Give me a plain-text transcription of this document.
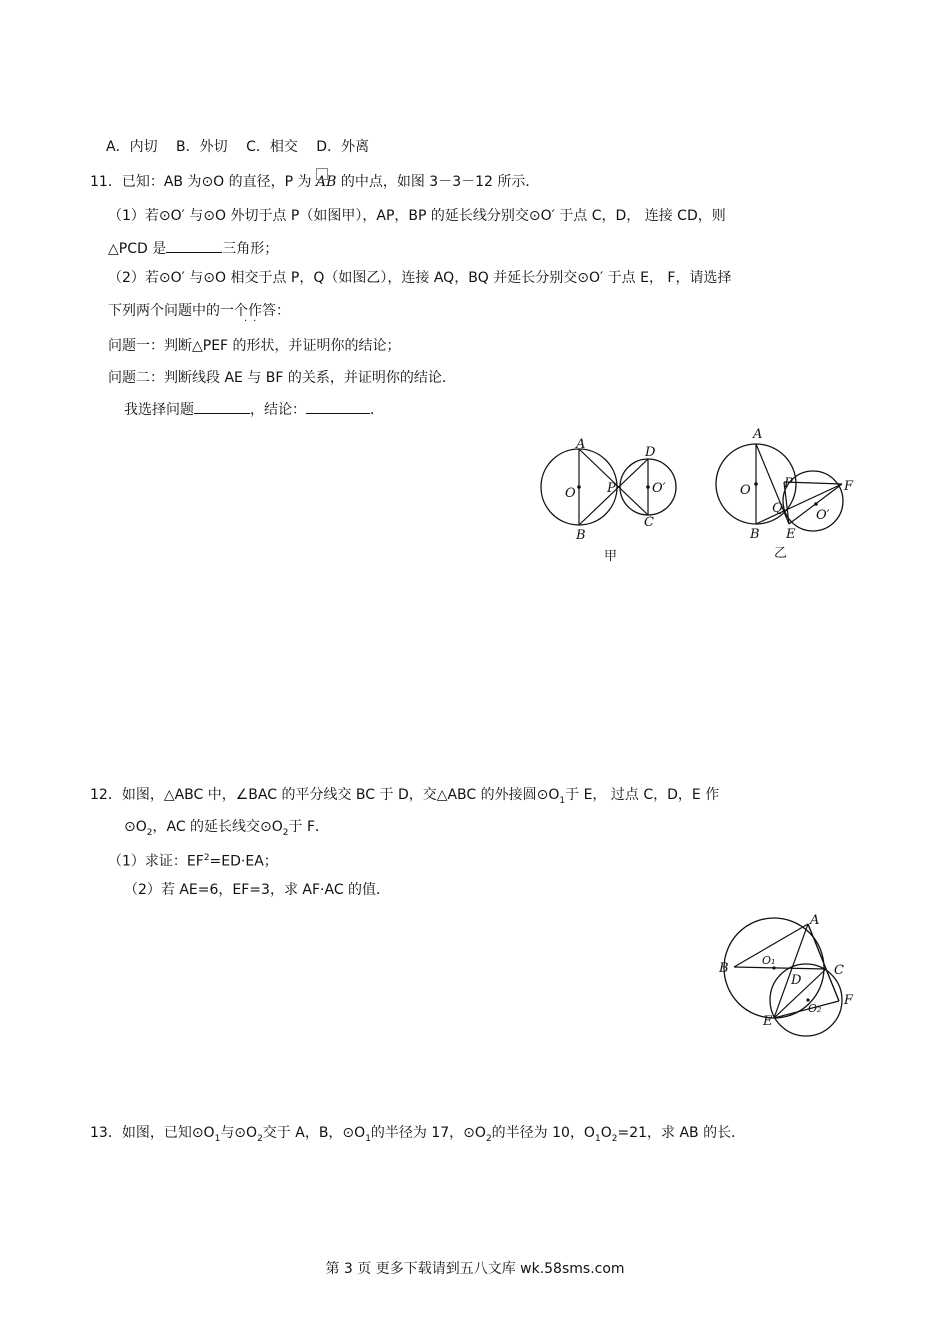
A．内切　 B．外切　 C．相交　 D．外离
11．已知：AB 为⊙O 的直径，P 为 AB 的中点，如图 3－3－12 所示．
（1）若⊙O′ 与⊙O 外切于点 P（如图甲），AP，BP 的延长线分别交⊙O′ 于点 C，D， 连接 CD，则
△PCD 是	三角形；
（2）若⊙O′ 与⊙O 相交于点 P，Q（如图乙），连接 AQ，BQ 并延长分别交⊙O′ 于点 E， F，请选择
下列两个问题中的一个作答：
··
问题一：判断△PEF 的形状，并证明你的结论；
问题二：判断线段 AE 与 BF 的关系，并证明你的结论．
我选择问题	，结论：	．
A
B
O P
D
O′
C
甲
A
B
O	P
Q
E
F
O′
乙
12．如图，△ABC 中，∠BAC 的平分线交 BC 于 D，交△ABC 的外接圆$⊙O_1$于 E， 过点 C，D，E 作
$⊙O_2$，AC 的延长线交$⊙O_2$于 F．
（1）求证：$EF^2=ED\cdot EA$；
（2）若 AE=6，EF=3，求 AF·AC 的值．
A
B	C
D
E
F
O₁
O₂
13．如图，已知$⊙O_1$与$⊙O_2$交于 A，B，$⊙O_1$的半径为 17，$⊙O_2$的半径为 10，$O_1O_2=21$，求 AB 的长．
第 3 页 更多下载请到五八文库 wk.58sms.com
